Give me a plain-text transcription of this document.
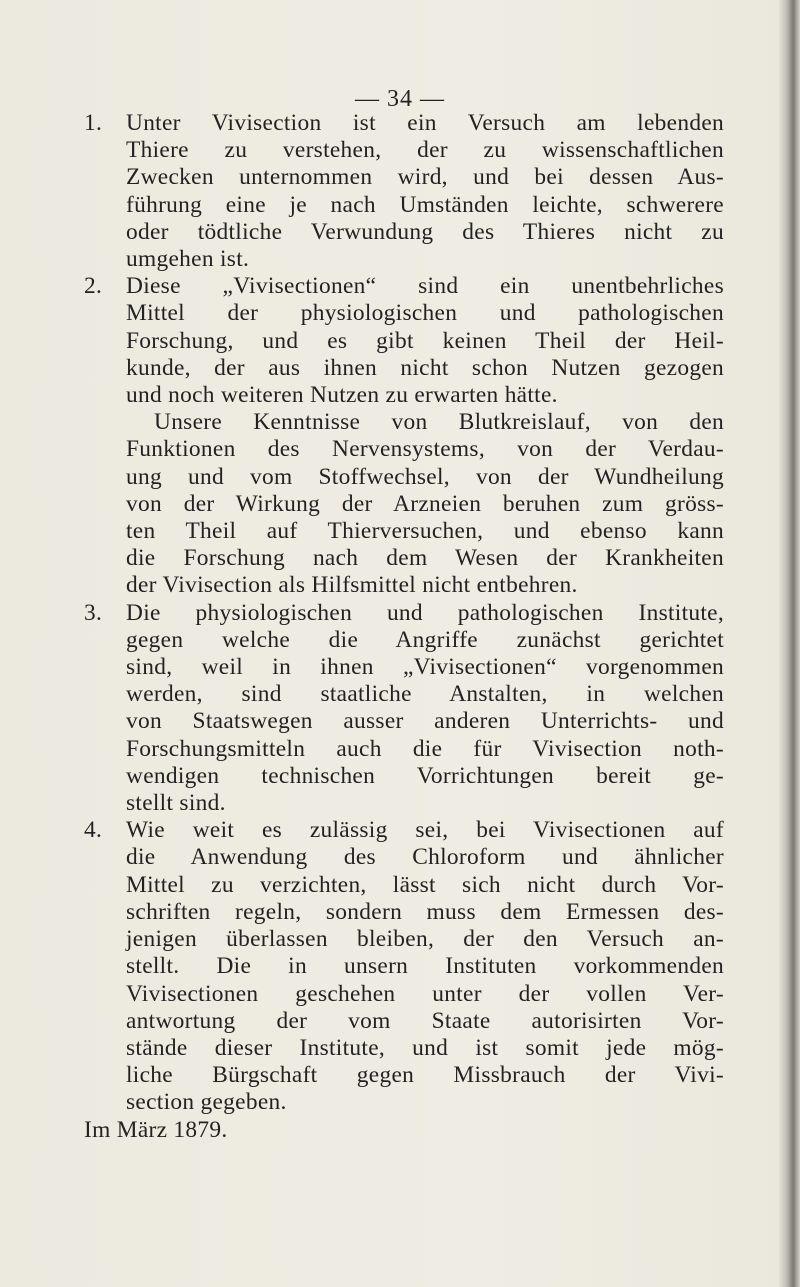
— 34 —
1. Unter Vivisection ist ein Versuch am lebenden
Thiere zu verstehen, der zu wissenschaftlichen
Zwecken unternommen wird, und bei dessen Aus-
führung eine je nach Umständen leichte, schwerere
oder tödtliche Verwundung des Thieres nicht zu
umgehen ist.
2. Diese „Vivisectionen“ sind ein unentbehrliches
Mittel der physiologischen und pathologischen
Forschung, und es gibt keinen Theil der Heil-
kunde, der aus ihnen nicht schon Nutzen gezogen
und noch weiteren Nutzen zu erwarten hätte.
Unsere Kenntnisse von Blutkreislauf, von den
Funktionen des Nervensystems, von der Verdau-
ung und vom Stoffwechsel, von der Wundheilung
von der Wirkung der Arzneien beruhen zum gröss-
ten Theil auf Thierversuchen, und ebenso kann
die Forschung nach dem Wesen der Krankheiten
der Vivisection als Hilfsmittel nicht entbehren.
3. Die physiologischen und pathologischen Institute,
gegen welche die Angriffe zunächst gerichtet
sind, weil in ihnen „Vivisectionen“ vorgenommen
werden, sind staatliche Anstalten, in welchen
von Staatswegen ausser anderen Unterrichts- und
Forschungsmitteln auch die für Vivisection noth-
wendigen technischen Vorrichtungen bereit ge-
stellt sind.
4. Wie weit es zulässig sei, bei Vivisectionen auf
die Anwendung des Chloroform und ähnlicher
Mittel zu verzichten, lässt sich nicht durch Vor-
schriften regeln, sondern muss dem Ermessen des-
jenigen überlassen bleiben, der den Versuch an-
stellt. Die in unsern Instituten vorkommenden
Vivisectionen geschehen unter der vollen Ver-
antwortung der vom Staate autorisirten Vor-
stände dieser Institute, und ist somit jede mög-
liche Bürgschaft gegen Missbrauch der Vivi-
section gegeben.
Im März 1879.
